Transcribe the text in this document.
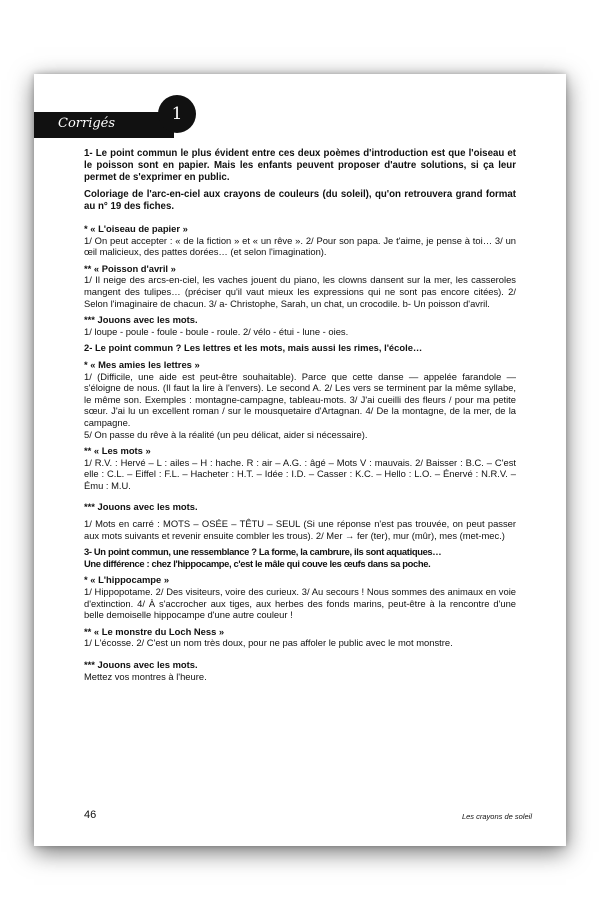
Corrigés	1

1- Le point commun le plus évident entre ces deux poèmes d'introduction est que l'oiseau et le poisson sont en papier. Mais les enfants peuvent proposer d'autre solutions, si ça leur permet de s'exprimer en public.

Coloriage de l'arc-en-ciel aux crayons de couleurs (du soleil), qu'on retrouvera grand format au n° 19 des fiches.

* « L'oiseau de papier »

1/ On peut accepter : « de la fiction » et « un rêve ». 2/ Pour son papa. Je t'aime, je pense à toi… 3/ un œil malicieux, des pattes dorées… (et selon l'imagination).

** « Poisson d'avril »

1/ Il neige des arcs-en-ciel, les vaches jouent du piano, les clowns dansent sur la mer, les casseroles mangent des tulipes… (préciser qu'il vaut mieux les expressions qui ne sont pas encore citées). 2/ Selon l'imaginaire de chacun. 3/ a- Christophe, Sarah, un chat, un crocodile. b- Un poisson d'avril.

*** Jouons avec les mots.

1/ loupe - poule - foule - boule - roule. 2/ vélo - étui - lune - oies.

2- Le point commun ? Les lettres et les mots, mais aussi les rimes, l'école…

* « Mes amies les lettres »

1/ (Difficile, une aide est peut-être souhaitable). Parce que cette danse — appelée farandole — s'éloigne de nous. (Il faut la lire à l'envers). Le second A. 2/ Les vers se terminent par la même syllabe, le même son. Exemples : montagne-campagne, tableau-mots. 3/ J'ai cueilli des fleurs / pour ma petite sœur. J'ai lu un excellent roman / sur le mousquetaire d'Artagnan. 4/ De la montagne, de la mer, de la campagne.

5/ On passe du rêve à la réalité (un peu délicat, aider si nécessaire).

** « Les mots »

1/ R.V. : Hervé – L : ailes – H : hache. R : air – A.G. : âgé – Mots V : mauvais. 2/ Baisser : B.C. – C'est elle : C.L. – Eiffel : F.L. – Hacheter : H.T. – Idée : I.D. – Casser : K.C. – Hello : L.O. – Énervé : N.R.V. – Ému : M.U.

*** Jouons avec les mots.

1/ Mots en carré : MOTS – OSÉE – TÊTU – SEUL (Si une réponse n'est pas trouvée, on peut passer aux mots suivants et revenir ensuite combler les trous). 2/ Mer → fer (ter), mur (mûr), mes (met-mec.)

3- Un point commun, une ressemblance ? La forme, la cambrure, ils sont aquatiques…

Une différence : chez l'hippocampe, c'est le mâle qui couve les œufs dans sa poche.

* « L'hippocampe »

1/ Hippopotame. 2/ Des visiteurs, voire des curieux. 3/ Au secours ! Nous sommes des animaux en voie d'extinction. 4/ À s'accrocher aux tiges, aux herbes des fonds marins, peut-être à la rencontre d'une belle demoiselle hippocampe d'une autre couleur !

** « Le monstre du Loch Ness »

1/ L'écosse. 2/ C'est un nom très doux, pour ne pas affoler le public avec le mot monstre.

*** Jouons avec les mots.

Mettez vos montres à l'heure.

46	Les crayons de soleil
